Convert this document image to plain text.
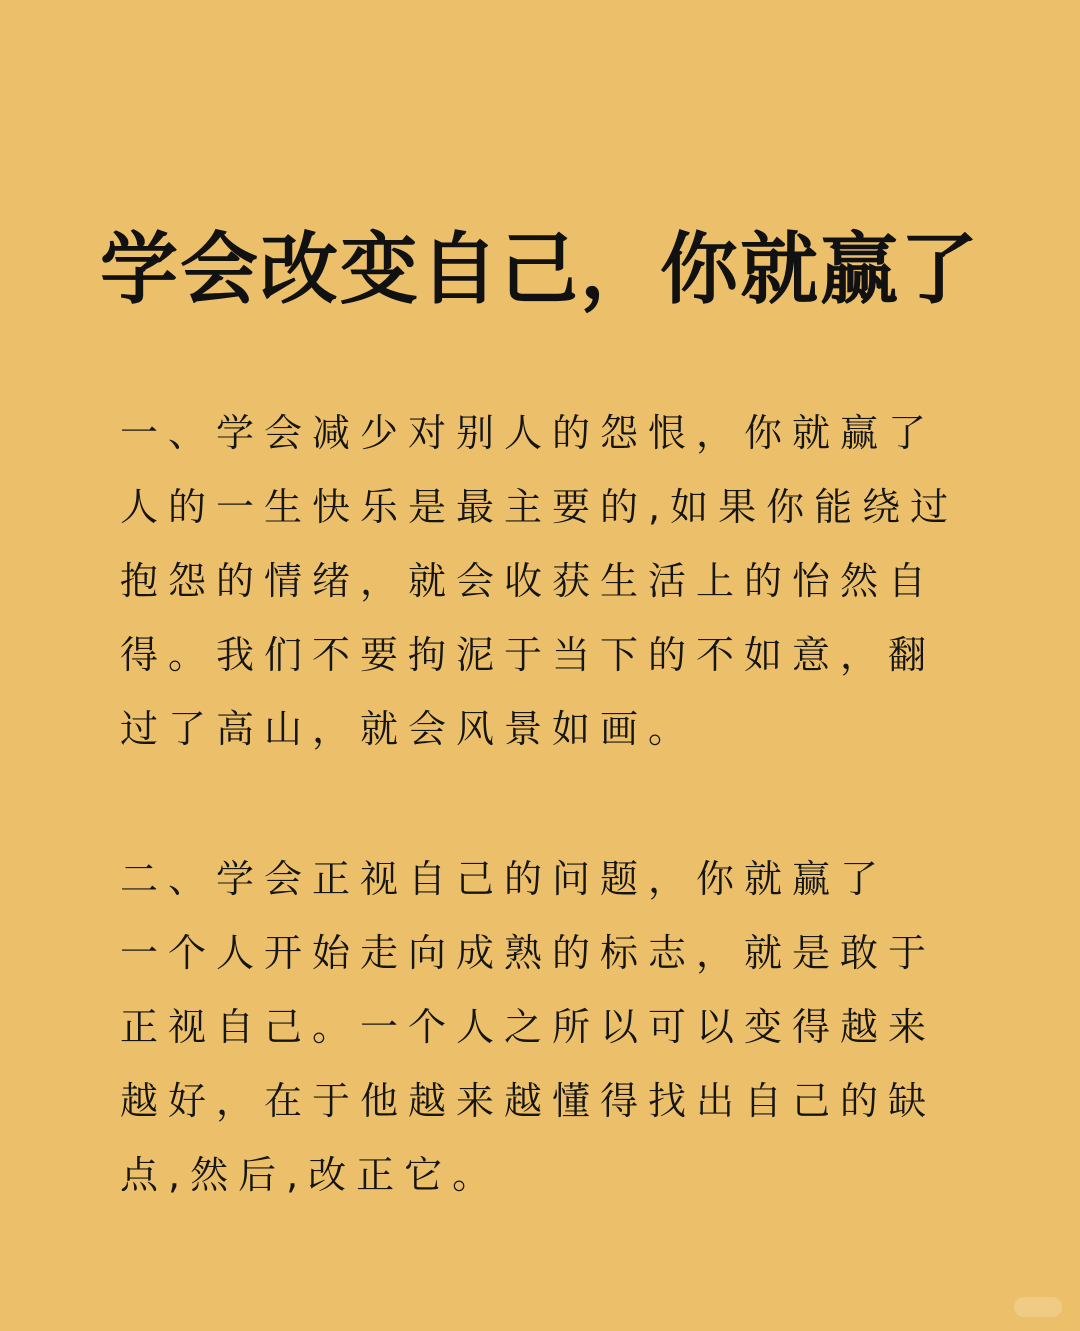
学会改变自己，你就赢了

一、学会减少对别人的怨恨，你就赢了

人的一生快乐是最主要的,如果你能绕过

抱怨的情绪，就会收获生活上的怡然自

得。我们不要拘泥于当下的不如意，翻

过了高山，就会风景如画。

二、学会正视自己的问题，你就赢了

一个人开始走向成熟的标志，就是敢于

正视自己。一个人之所以可以变得越来

越好，在于他越来越懂得找出自己的缺

点,然后,改正它。
